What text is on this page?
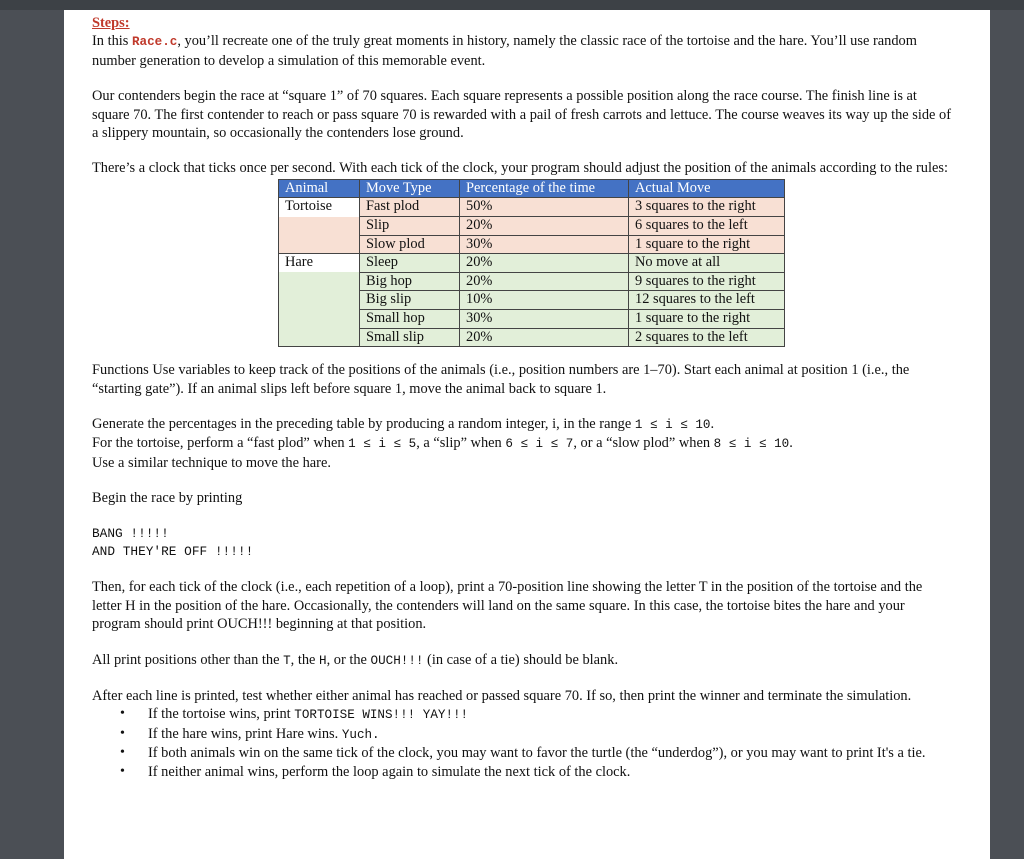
Steps:

In this Race.c, you’ll recreate one of the truly great moments in history, namely the classic race of the tortoise and the hare. You’ll use random number generation to develop a simulation of this memorable event.

Our contenders begin the race at “square 1” of 70 squares. Each square represents a possible position along the race course. The finish line is at square 70. The first contender to reach or pass square 70 is rewarded with a pail of fresh carrots and lettuce. The course weaves its way up the side of a slippery mountain, so occasionally the contenders lose ground.

There’s a clock that ticks once per second. With each tick of the clock, your program should adjust the position of the animals according to the rules:

Animal	Move Type	Percentage of the time	Actual Move
Tortoise	Fast plod	50%	3 squares to the right
	Slip	20%	6 squares to the left
	Slow plod	30%	1 square to the right
Hare	Sleep	20%	No move at all
	Big hop	20%	9 squares to the right
	Big slip	10%	12 squares to the left
	Small hop	30%	1 square to the right
	Small slip	20%	2 squares to the left

Functions Use variables to keep track of the positions of the animals (i.e., position numbers are 1–70). Start each animal at position 1 (i.e., the “starting gate”). If an animal slips left before square 1, move the animal back to square 1.

Generate the percentages in the preceding table by producing a random integer, i, in the range 1 ≤ i ≤ 10.

For the tortoise, perform a “fast plod” when 1 ≤ i ≤ 5, a “slip” when 6 ≤ i ≤ 7, or a “slow plod” when 8 ≤ i ≤ 10.

Use a similar technique to move the hare.

Begin the race by printing

BANG !!!!!

AND THEY'RE OFF !!!!!

Then, for each tick of the clock (i.e., each repetition of a loop), print a 70-position line showing the letter T in the position of the tortoise and the letter H in the position of the hare. Occasionally, the contenders will land on the same square. In this case, the tortoise bites the hare and your program should print OUCH!!! beginning at that position.

All print positions other than the T, the H, or the OUCH!!! (in case of a tie) should be blank.

After each line is printed, test whether either animal has reached or passed square 70. If so, then print the winner and terminate the simulation.

• If the tortoise wins, print TORTOISE WINS!!! YAY!!!
• If the hare wins, print Hare wins. Yuch.
• If both animals win on the same tick of the clock, you may want to favor the turtle (the “underdog”), or you may want to print It's a tie.
• If neither animal wins, perform the loop again to simulate the next tick of the clock.
